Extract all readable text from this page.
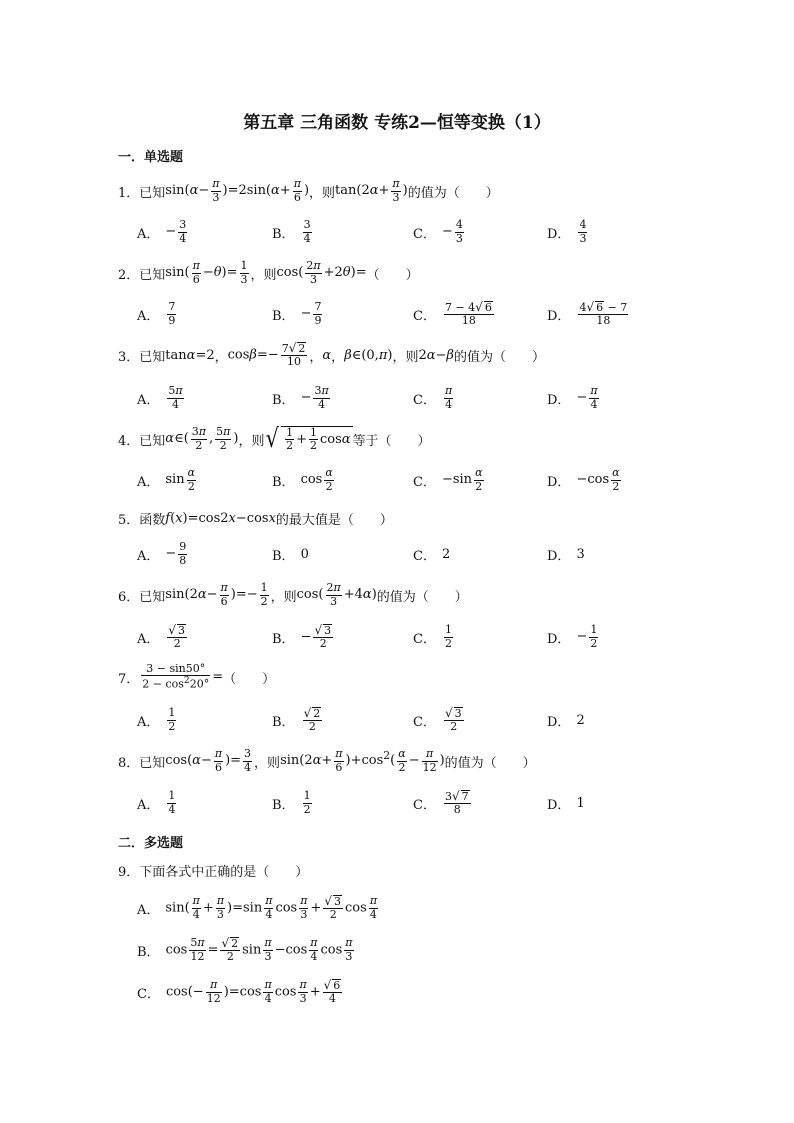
第五章 三角函数 专练2—恒等变换（1）
一．单选题
1． 已知 $\sin(\alpha- \frac{\pi}{3} )=2\sin(\alpha+ \frac{\pi}{6}$ ) ，则 $\tan(2\alpha+ \frac{\pi}{3}$ ) 的值为（　　）
A． − $\frac{3}{4}$	B． $\frac{3}{4}$	C． − $\frac{4}{3}$	D． $\frac{4}{3}$
2． 已知 $\sin( \frac{\pi}{6} -\theta)= \frac{1}{3}$ ，则 $\cos( \frac{2\pi}{3} +2\theta)=$ （　　）
A． $\frac{7}{9}$	B． − $\frac{7}{9}$	C． $\frac{7 - 4√ 6}{18}$	D． $\frac{4√ 6 - 7}{18}$
3． 已知 tanα=2 ， $\cos\beta=- \frac{7√ 2}{10}$ ， α ， β∈(0,π) ，则 2α−β 的值为（　　）
A． $\frac{5\pi}{4}$	B． − $\frac{3\pi}{4}$	C． $\frac{\pi}{4}$	D． − $\frac{\pi}{4}$
4． 已知 α∈( $\frac{3\pi}{2}$ , $\frac{5\pi}{2}$ ) ，则 √ $\frac{1}{2} + \frac{1}{2}$ cos α 等于（　　）
A． $\sin \frac{\alpha}{2}$	B． $\cos \frac{\alpha}{2}$	C． $-\sin \frac{\alpha}{2}$	D． $-\cos \frac{\alpha}{2}$
5． 函数 f(x)=cos2x−cosx 的最大值是（　　）
A． − $\frac{9}{8}$	B． 0	C． 2	D． 3
6． 已知 $\sin(2\alpha- \frac{\pi}{6}$ )=− $\frac{1}{2}$ ，则 $\cos( \frac{2\pi}{3} +4\alpha)$ 的值为（　　）
A． $\frac{√ 3}{2}$	B． − $\frac{√ 3}{2}$	C． $\frac{1}{2}$	D． − $\frac{1}{2}$
7． $\frac{3 - \sin 50^\circ}{2 - \cos^220^\circ}$ = （　　）
A． $\frac{1}{2}$	B． $\frac{√ 2}{2}$	C． $\frac{√ 3}{2}$	D． 2
8． 已知 $\cos(\alpha- \frac{\pi}{6}$ )= $\frac{3}{4}$ ，则 $\sin(2\alpha+ \frac{\pi}{6} )+\cos^2( \frac{\alpha}{2} - \frac{\pi}{12}$ ) 的值为（　　）
A． $\frac{1}{4}$	B． $\frac{1}{2}$	C． $\frac{3√ 7}{8}$	D． 1
二．多选题
9． 下面各式中正确的是（　　）
A． $\sin( \frac{\pi}{4} + \frac{\pi}{3} )=\sin \frac{\pi}{4}$ $\cos \frac{\pi}{3} + \frac{√ 3}{2}$ $\cos \frac{\pi}{4}$
B． $\cos \frac{5\pi}{12} = \frac{√ 2}{2}$ $\sin \frac{\pi}{3} -\cos \frac{\pi}{4}$ $\cos \frac{\pi}{3}$
C． $\cos(- \frac{\pi}{12} )=\cos \frac{\pi}{4}$ $\cos \frac{\pi}{3} + \frac{√ 6}{4}$
